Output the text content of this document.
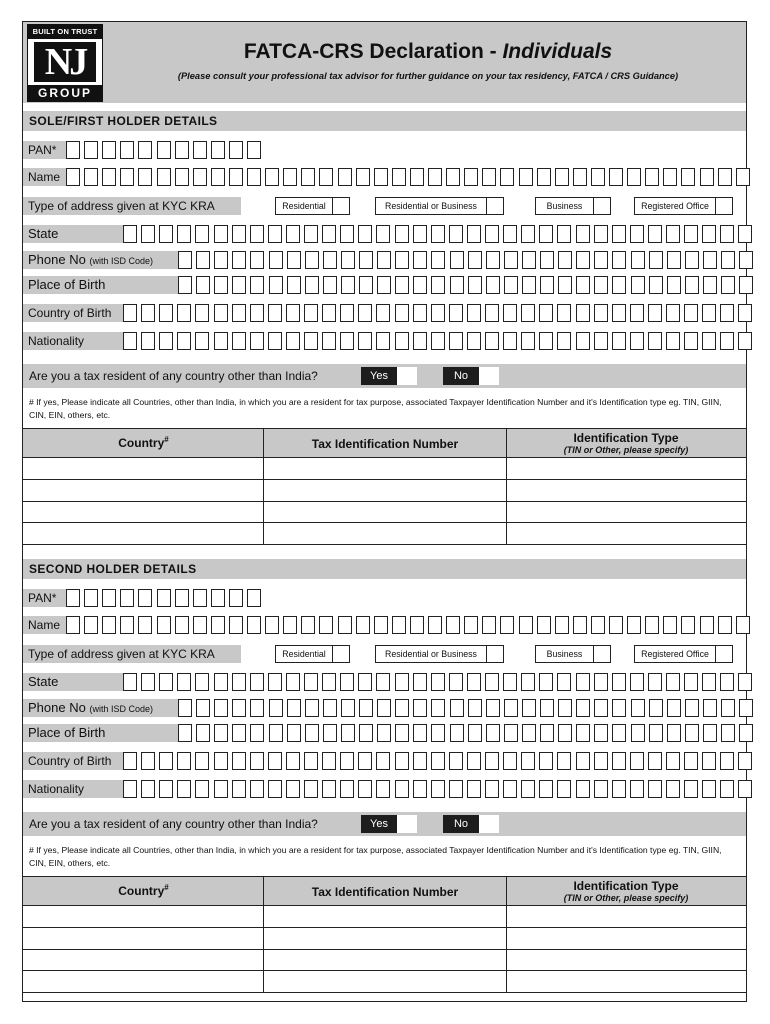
BUILT ON TRUST
NJ
GROUP
FATCA-CRS Declaration - Individuals
(Please consult your professional tax advisor for further guidance on your tax residency, FATCA / CRS Guidance)
SOLE/FIRST HOLDER DETAILS
PAN*
Name
Type of address given at KYC KRA	Residential	Residential or Business	Business	Registered Office
State
Phone No (with ISD Code)
Place of Birth
Country of Birth
Nationality
Are you a tax resident of any country other than India?	Yes	No
# If yes, Please indicate all Countries, other than India, in which you are a resident for tax purpose, associated Taxpayer Identification Number and it's Identification type eg. TIN, GIIN, CIN, EIN, others, etc.
Country#	Tax Identification Number	Identification Type
(TIN or Other, please specify)
SECOND HOLDER DETAILS
PAN*
Name
Type of address given at KYC KRA	Residential	Residential or Business	Business	Registered Office
State
Phone No (with ISD Code)
Place of Birth
Country of Birth
Nationality
Are you a tax resident of any country other than India?	Yes	No
# If yes, Please indicate all Countries, other than India, in which you are a resident for tax purpose, associated Taxpayer Identification Number and it's Identification type eg. TIN, GIIN, CIN, EIN, others, etc.
Country#	Tax Identification Number	Identification Type
(TIN or Other, please specify)
